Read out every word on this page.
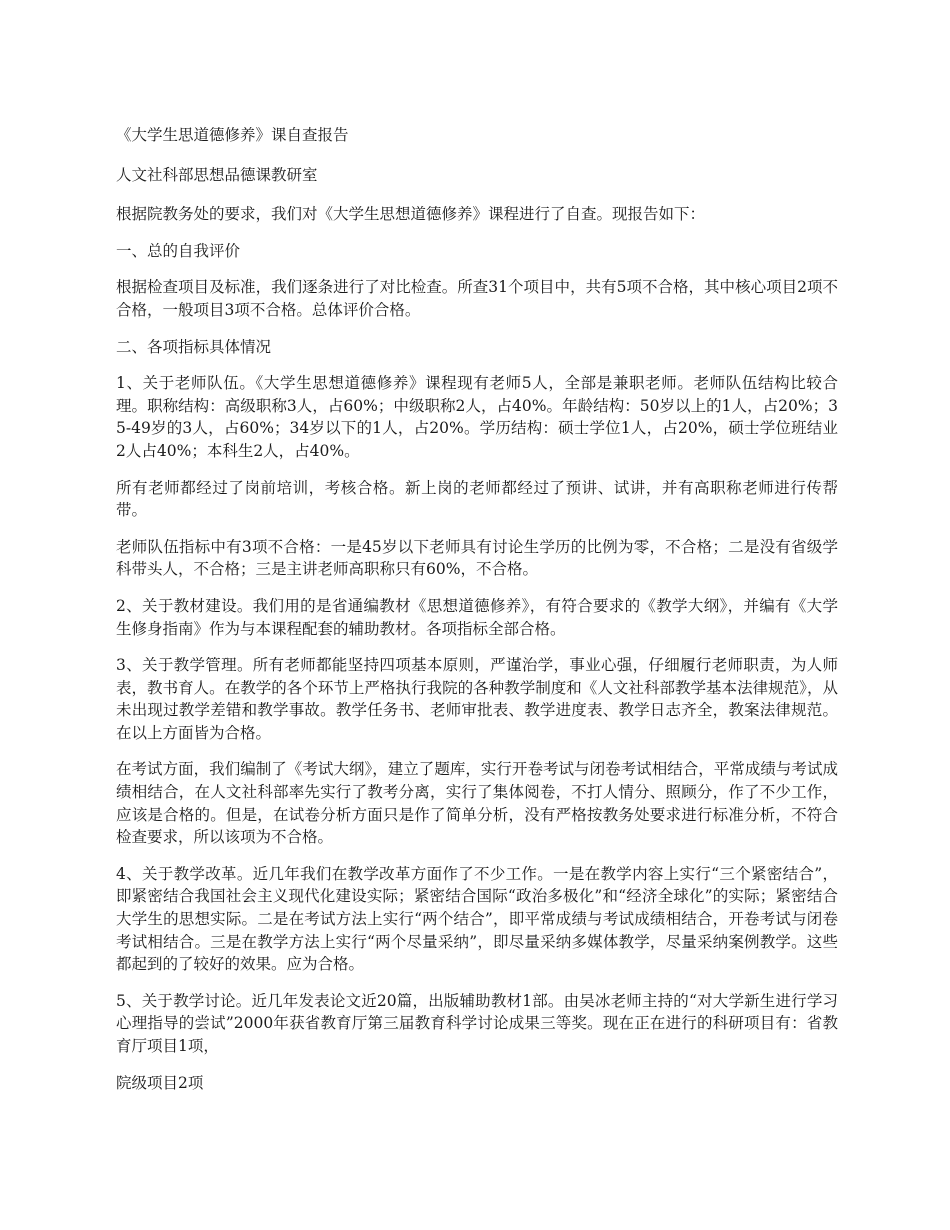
《大学生思道德修养》课自查报告

人文社科部思想品德课教研室

根据院教务处的要求，我们对《大学生思想道德修养》课程进行了自查。现报告如下：

一、总的自我评价

根据检查项目及标准，我们逐条进行了对比检查。所查31个项目中，共有5项不合格，其中核心项目2项不合格，一般项目3项不合格。总体评价合格。

二、各项指标具体情况

1、关于老师队伍。《大学生思想道德修养》课程现有老师5人，全部是兼职老师。老师队伍结构比较合理。职称结构：高级职称3人，占60%；中级职称2人，占40%。年龄结构：50岁以上的1人，占20%；35-49岁的3人，占60%；34岁以下的1人，占20%。学历结构：硕士学位1人，占20%，硕士学位班结业2人占40%；本科生2人，占40%。

所有老师都经过了岗前培训，考核合格。新上岗的老师都经过了预讲、试讲，并有高职称老师进行传帮带。

老师队伍指标中有3项不合格：一是45岁以下老师具有讨论生学历的比例为零，不合格；二是没有省级学科带头人，不合格；三是主讲老师高职称只有60%，不合格。

2、关于教材建设。我们用的是省通编教材《思想道德修养》，有符合要求的《教学大纲》，并编有《大学生修身指南》作为与本课程配套的辅助教材。各项指标全部合格。

3、关于教学管理。所有老师都能坚持四项基本原则，严谨治学，事业心强，仔细履行老师职责，为人师表，教书育人。在教学的各个环节上严格执行我院的各种教学制度和《人文社科部教学基本法律规范》，从未出现过教学差错和教学事故。教学任务书、老师审批表、教学进度表、教学日志齐全，教案法律规范。在以上方面皆为合格。

在考试方面，我们编制了《考试大纲》，建立了题库，实行开卷考试与闭卷考试相结合，平常成绩与考试成绩相结合，在人文社科部率先实行了教考分离，实行了集体阅卷，不打人情分、照顾分，作了不少工作，应该是合格的。但是，在试卷分析方面只是作了简单分析，没有严格按教务处要求进行标准分析，不符合检查要求，所以该项为不合格。

4、关于教学改革。近几年我们在教学改革方面作了不少工作。一是在教学内容上实行“三个紧密结合”，即紧密结合我国社会主义现代化建设实际；紧密结合国际“政治多极化”和“经济全球化”的实际；紧密结合大学生的思想实际。二是在考试方法上实行“两个结合”，即平常成绩与考试成绩相结合，开卷考试与闭卷考试相结合。三是在教学方法上实行“两个尽量采纳”，即尽量采纳多媒体教学，尽量采纳案例教学。这些都起到的了较好的效果。应为合格。

5、关于教学讨论。近几年发表论文近20篇，出版辅助教材1部。由吴冰老师主持的“对大学新生进行学习心理指导的尝试”2000年获省教育厅第三届教育科学讨论成果三等奖。现在正在进行的科研项目有：省教育厅项目1项，

院级项目2项
